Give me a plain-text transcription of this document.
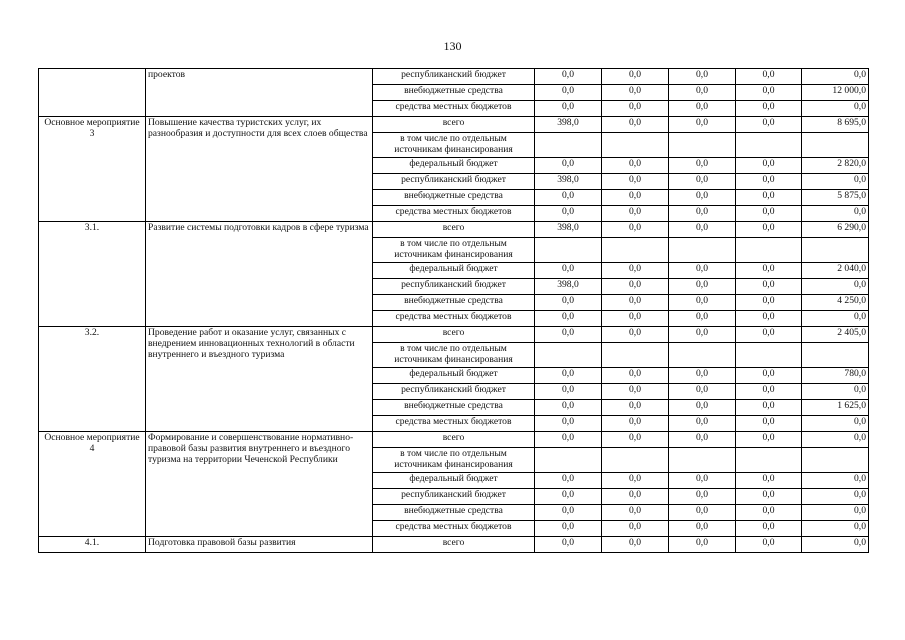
130
	проектов	республиканский бюджет	0,0	0,0	0,0	0,0	0,0
		внебюджетные средства	0,0	0,0	0,0	0,0	12 000,0
		средства местных бюджетов	0,0	0,0	0,0	0,0	0,0
Основное мероприятие 3	Повышение качества туристских услуг, их разнообразия и доступности для всех слоев общества	всего	398,0	0,0	0,0	0,0	8 695,0
		в том числе по отдельным источникам финансирования					
		федеральный бюджет	0,0	0,0	0,0	0,0	2 820,0
		республиканский бюджет	398,0	0,0	0,0	0,0	0,0
		внебюджетные средства	0,0	0,0	0,0	0,0	5 875,0
		средства местных бюджетов	0,0	0,0	0,0	0,0	0,0
3.1.	Развитие системы подготовки кадров в сфере туризма	всего	398,0	0,0	0,0	0,0	6 290,0
		в том числе по отдельным источникам финансирования					
		федеральный бюджет	0,0	0,0	0,0	0,0	2 040,0
		республиканский бюджет	398,0	0,0	0,0	0,0	0,0
		внебюджетные средства	0,0	0,0	0,0	0,0	4 250,0
		средства местных бюджетов	0,0	0,0	0,0	0,0	0,0
3.2.	Проведение работ и оказание услуг, связанных с внедрением инновационных технологий в области внутреннего и въездного туризма	всего	0,0	0,0	0,0	0,0	2 405,0
		в том числе по отдельным источникам финансирования					
		федеральный бюджет	0,0	0,0	0,0	0,0	780,0
		республиканский бюджет	0,0	0,0	0,0	0,0	0,0
		внебюджетные средства	0,0	0,0	0,0	0,0	1 625,0
		средства местных бюджетов	0,0	0,0	0,0	0,0	0,0
Основное мероприятие 4	Формирование и совершенствование нормативно-правовой базы развития внутреннего и въездного туризма на территории Чеченской Республики	всего	0,0	0,0	0,0	0,0	0,0
		в том числе по отдельным источникам финансирования					
		федеральный бюджет	0,0	0,0	0,0	0,0	0,0
		республиканский бюджет	0,0	0,0	0,0	0,0	0,0
		внебюджетные средства	0,0	0,0	0,0	0,0	0,0
		средства местных бюджетов	0,0	0,0	0,0	0,0	0,0
4.1.	Подготовка правовой базы развития	всего	0,0	0,0	0,0	0,0	0,0
